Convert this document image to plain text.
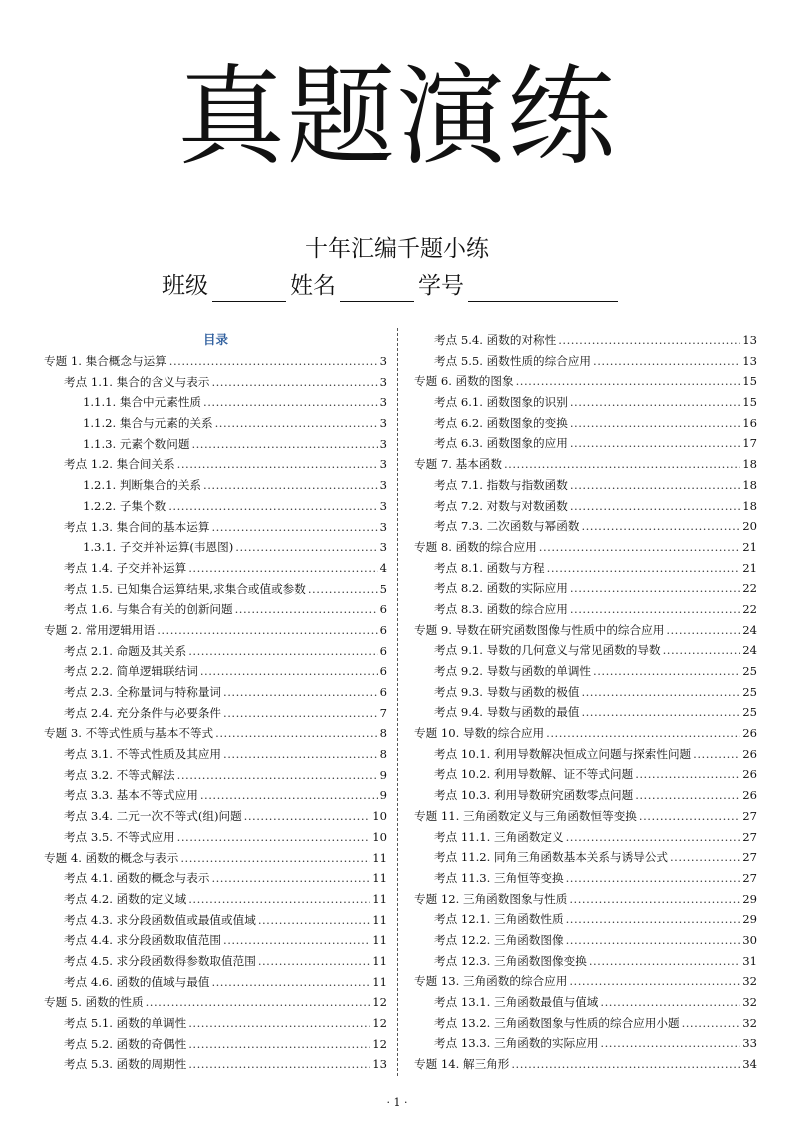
真题演练
十年汇编千题小练
班级	姓名	学号
目录
专题 1. 集合概念与运算 .....	3
考点 1.1. 集合的含义与表示 .....	3
1.1.1. 集合中元素性质 .....	3
1.1.2. 集合与元素的关系 .....	3
1.1.3. 元素个数问题 .....	3
考点 1.2. 集合间关系 .....	3
1.2.1. 判断集合的关系 .....	3
1.2.2. 子集个数 .....	3
考点 1.3. 集合间的基本运算 .....	3
1.3.1. 子交并补运算(韦恩图) .....	3
考点 1.4. 子交并补运算 .....	4
考点 1.5. 已知集合运算结果,求集合或值或参数 .....	5
考点 1.6. 与集合有关的创新问题 .....	6
专题 2. 常用逻辑用语 .....	6
考点 2.1. 命题及其关系 .....	6
考点 2.2. 简单逻辑联结词 .....	6
考点 2.3. 全称量词与特称量词 .....	6
考点 2.4. 充分条件与必要条件 .....	7
专题 3. 不等式性质与基本不等式 .....	8
考点 3.1. 不等式性质及其应用 .....	8
考点 3.2. 不等式解法 .....	9
考点 3.3. 基本不等式应用 .....	9
考点 3.4. 二元一次不等式(组)问题 .....	10
考点 3.5. 不等式应用 .....	10
专题 4. 函数的概念与表示 .....	11
考点 4.1. 函数的概念与表示 .....	11
考点 4.2. 函数的定义域 .....	11
考点 4.3. 求分段函数值或最值或值域 .....	11
考点 4.4. 求分段函数取值范围 .....	11
考点 4.5. 求分段函数得参数取值范围 .....	11
考点 4.6. 函数的值域与最值 .....	11
专题 5. 函数的性质 .....	12
考点 5.1. 函数的单调性 .....	12
考点 5.2. 函数的奇偶性 .....	12
考点 5.3. 函数的周期性 .....	13
考点 5.4. 函数的对称性 .....	13
考点 5.5. 函数性质的综合应用 .....	13
专题 6. 函数的图象 .....	15
考点 6.1. 函数图象的识别 .....	15
考点 6.2. 函数图象的变换 .....	16
考点 6.3. 函数图象的应用 .....	17
专题 7. 基本函数 .....	18
考点 7.1. 指数与指数函数 .....	18
考点 7.2. 对数与对数函数 .....	18
考点 7.3. 二次函数与幂函数 .....	20
专题 8. 函数的综合应用 .....	21
考点 8.1. 函数与方程 .....	21
考点 8.2. 函数的实际应用 .....	22
考点 8.3. 函数的综合应用 .....	22
专题 9. 导数在研究函数图像与性质中的综合应用 .....	24
考点 9.1. 导数的几何意义与常见函数的导数 .....	24
考点 9.2. 导数与函数的单调性 .....	25
考点 9.3. 导数与函数的极值 .....	25
考点 9.4. 导数与函数的最值 .....	25
专题 10. 导数的综合应用 .....	26
考点 10.1. 利用导数解决恒成立问题与探索性问题 .....	26
考点 10.2. 利用导数解、证不等式问题 .....	26
考点 10.3. 利用导数研究函数零点问题 .....	26
专题 11. 三角函数定义与三角函数恒等变换 .....	27
考点 11.1. 三角函数定义 .....	27
考点 11.2. 同角三角函数基本关系与诱导公式 .....	27
考点 11.3. 三角恒等变换 .....	27
专题 12. 三角函数图象与性质 .....	29
考点 12.1. 三角函数性质 .....	29
考点 12.2. 三角函数图像 .....	30
考点 12.3. 三角函数图像变换 .....	31
专题 13. 三角函数的综合应用 .....	32
考点 13.1. 三角函数最值与值域 .....	32
考点 13.2. 三角函数图象与性质的综合应用小题 .....	32
考点 13.3. 三角函数的实际应用 .....	33
专题 14. 解三角形 .....	34
· 1 ·
